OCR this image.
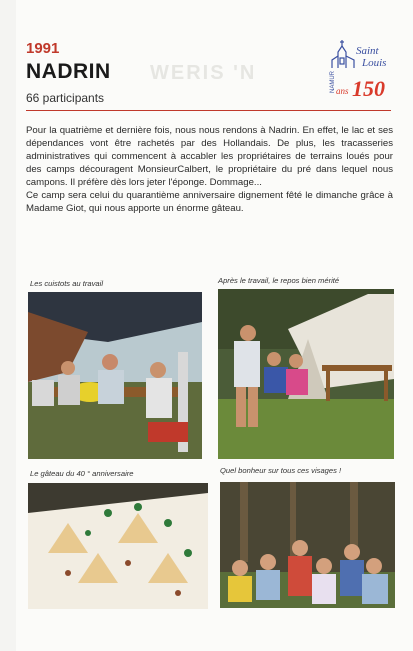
1991
WERIS 'N
NADRIN
66 participants
Saint
Louis
NAMUR ans 150

Pour la quatrième et dernière fois, nous nous rendons à Nadrin. En effet, le lac et ses dépendances vont être rachetés par des Hollandais. De plus, les tracasseries administratives qui commencent à accabler les propriétaires de terrains loués pour des camps découragent MonsieurCalbert, le propriétaire du pré dans lequel nous campons. Il préfère dès lors jeter l'éponge. Dommage...

Ce camp sera celui du quarantième anniversaire dignement fêté le dimanche grâce à Madame Giot, qui nous apporte un énorme gâteau.

Les cuistots au travail	Après le travail, le repos bien mérité
Le gâteau du 40 ° anniversaire	Quel bonheur sur tous ces visages !
